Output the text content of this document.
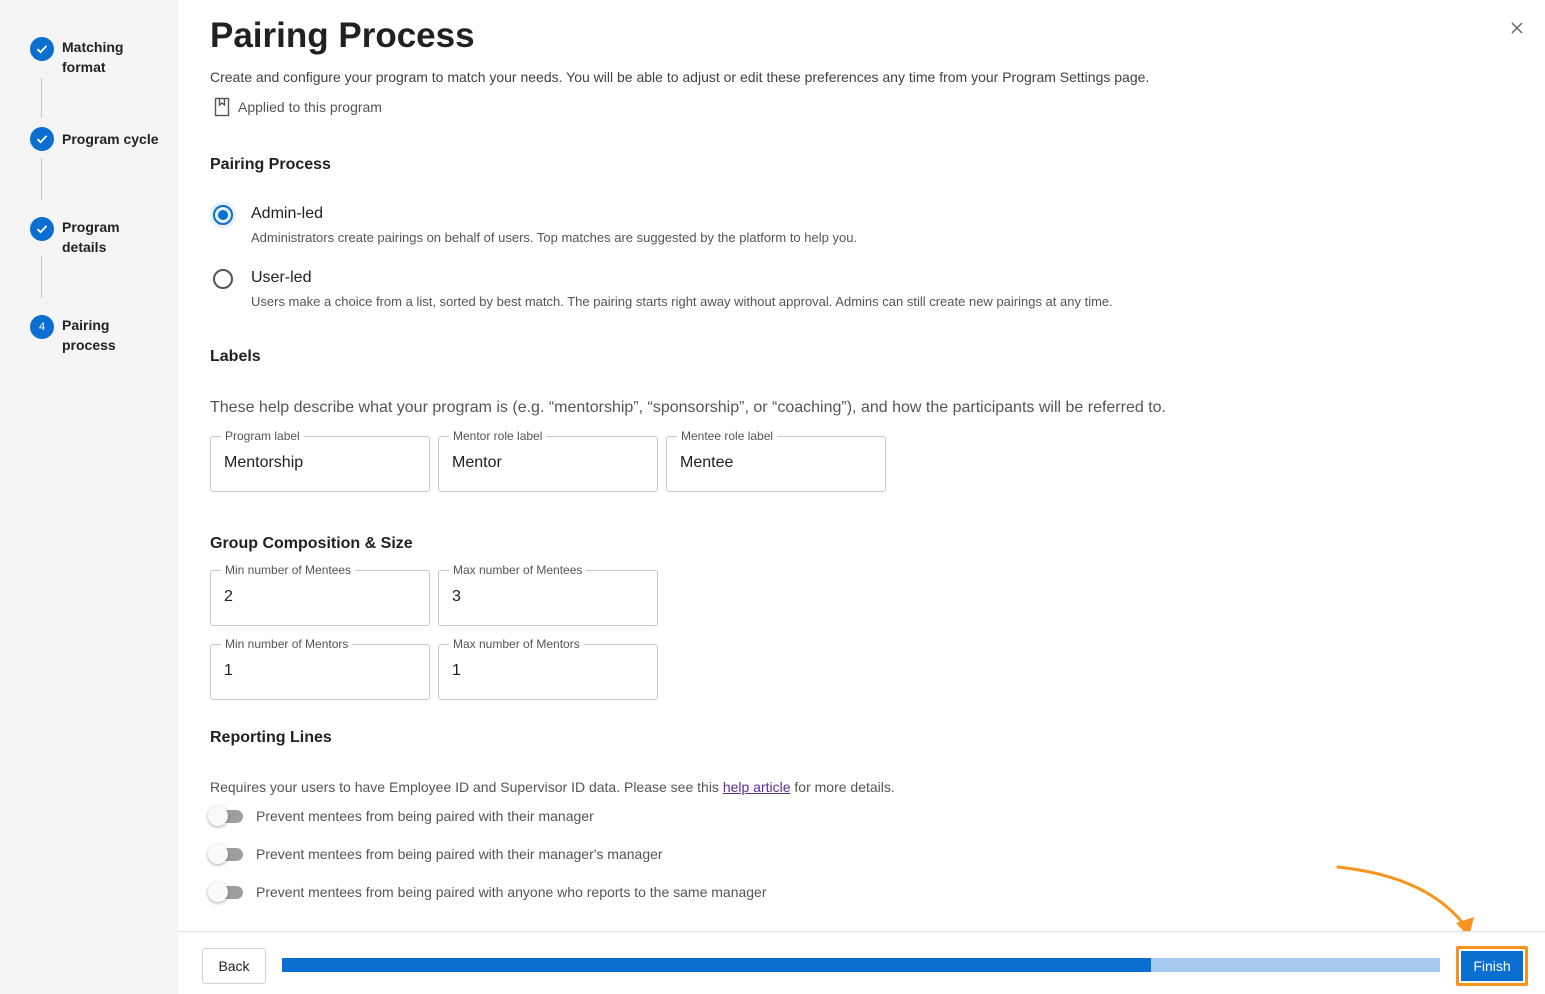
Matching format
Program cycle
Program details
4	Pairing process
Pairing Process
Create and configure your program to match your needs. You will be able to adjust or edit these preferences any time from your Program Settings page.
Applied to this program
Pairing Process
Admin-led
Administrators create pairings on behalf of users. Top matches are suggested by the platform to help you.
User-led
Users make a choice from a list, sorted by best match. The pairing starts right away without approval. Admins can still create new pairings at any time.
Labels
These help describe what your program is (e.g. “mentorship”, “sponsorship”, or “coaching”), and how the participants will be referred to.
Program label
Mentorship	Mentor role label
Mentor	Mentee role label
Mentee
Group Composition & Size
Min number of Mentees
2	Max number of Mentees
3
Min number of Mentors
1	Max number of Mentors
1
Reporting Lines
Requires your users to have Employee ID and Supervisor ID data. Please see this help article for more details.
Prevent mentees from being paired with their manager
Prevent mentees from being paired with their manager's manager
Prevent mentees from being paired with anyone who reports to the same manager
Back	Finish
